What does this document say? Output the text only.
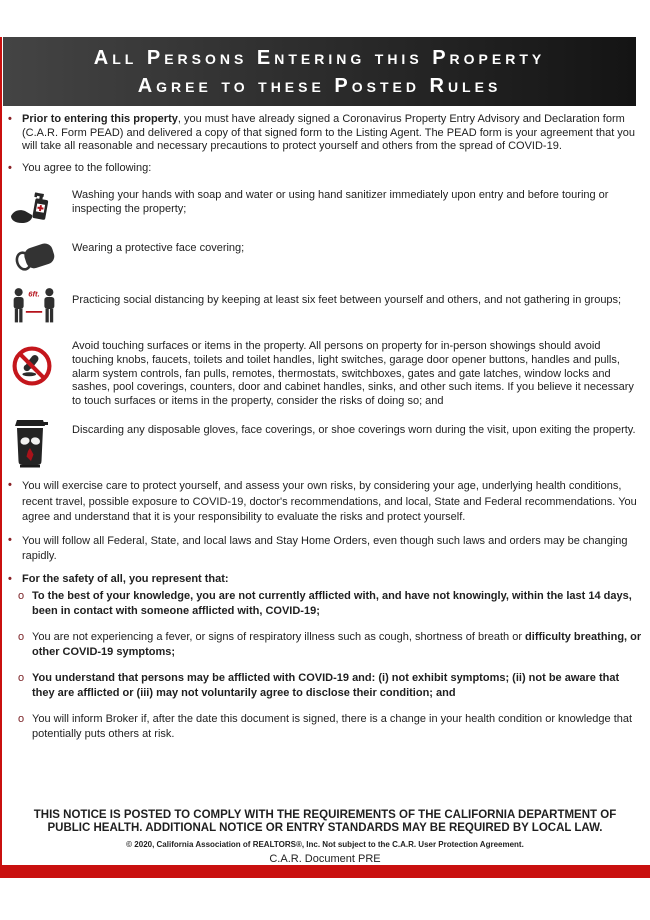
All Persons Entering this Property
Agree to these Posted Rules
• Prior to entering this property, you must have already signed a Coronavirus Property Entry Advisory and Declaration form (C.A.R. Form PEAD) and delivered a copy of that signed form to the Listing Agent. The PEAD form is your agreement that you will take all reasonable and necessary precautions to protect yourself and others from the spread of COVID-19.
• You agree to the following:
Washing your hands with soap and water or using hand sanitizer immediately upon entry and before touring or inspecting the property;
Wearing a protective face covering;
6ft.
Practicing social distancing by keeping at least six feet between yourself and others, and not gathering in groups;
Avoid touching surfaces or items in the property. All persons on property for in-person showings should avoid touching knobs, faucets, toilets and toilet handles, light switches, garage door opener buttons, handles and pulls, alarm system controls, fan pulls, remotes, thermostats, switchboxes, gates and gate latches, window locks and sashes, pool coverings, counters, door and cabinet handles, sinks, and other such items. If you believe it necessary to touch surfaces or items in the property, consider the risks of doing so; and
Discarding any disposable gloves, face coverings, or shoe coverings worn during the visit, upon exiting the property.
• You will exercise care to protect yourself, and assess your own risks, by considering your age, underlying health conditions, recent travel, possible exposure to COVID-19, doctor's recommendations, and local, State and Federal recommendations. You agree and understand that it is your responsibility to evaluate the risks and protect yourself.
• You will follow all Federal, State, and local laws and Stay Home Orders, even though such laws and orders may be changing rapidly.
• For the safety of all, you represent that:
o To the best of your knowledge, you are not currently afflicted with, and have not knowingly, within the last 14 days, been in contact with someone afflicted with, COVID-19;
o You are not experiencing a fever, or signs of respiratory illness such as cough, shortness of breath or difficulty breathing, or other COVID-19 symptoms;
o You understand that persons may be afflicted with COVID-19 and: (i) not exhibit symptoms; (ii) not be aware that they are afflicted or (iii) may not voluntarily agree to disclose their condition; and
o You will inform Broker if, after the date this document is signed, there is a change in your health condition or knowledge that potentially puts others at risk.
THIS NOTICE IS POSTED TO COMPLY WITH THE REQUIREMENTS OF THE CALIFORNIA DEPARTMENT OF PUBLIC HEALTH. ADDITIONAL NOTICE OR ENTRY STANDARDS MAY BE REQUIRED BY LOCAL LAW.
© 2020, California Association of REALTORS®, Inc. Not subject to the C.A.R. User Protection Agreement.
C.A.R. Document PRE
